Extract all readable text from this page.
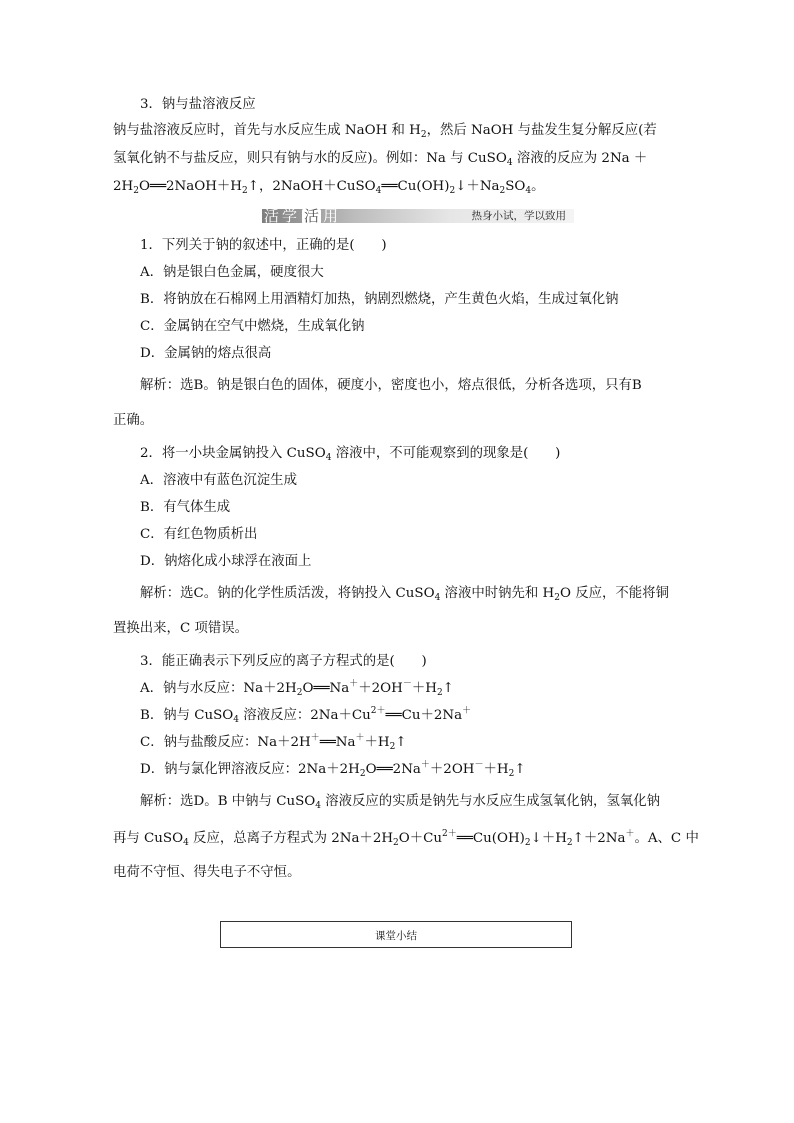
3．钠与盐溶液反应
钠与盐溶液反应时，首先与水反应生成 NaOH 和 $H_2$，然后 NaOH 与盐发生复分解反应(若
氢氧化钠不与盐反应，则只有钠与水的反应)。例如：Na 与 CuSO$_4$ 溶液的反应为 2Na ＋
$2H_2O══2NaOH+H_2↑$，$2NaOH+CuSO_4══Cu(OH)_2↓+Na_2SO_4$。
活学 活 用	热身小试，学以致用
1．下列关于钠的叙述中，正确的是(　　)
A．钠是银白色金属，硬度很大
B．将钠放在石棉网上用酒精灯加热，钠剧烈燃烧，产生黄色火焰，生成过氧化钠
C．金属钠在空气中燃烧，生成氧化钠
D．金属钠的熔点很高
解析：选B。钠是银白色的固体，硬度小，密度也小，熔点很低，分析各选项，只有B
正确。
2．将一小块金属钠投入 CuSO$_4$ 溶液中，不可能观察到的现象是(　　)
A．溶液中有蓝色沉淀生成
B．有气体生成
C．有红色物质析出
D．钠熔化成小球浮在液面上
解析：选C。钠的化学性质活泼，将钠投入 CuSO$_4$ 溶液中时钠先和 $H_2O$ 反应，不能将铜
置换出来，C 项错误。
3．能正确表示下列反应的离子方程式的是(　　)
A．钠与水反应：$Na+2H_2O══Na^++2OH^-+H_2↑$
B．钠与 CuSO$_4$ 溶液反应：$2Na+Cu^{2+}══Cu+2Na^+$
C．钠与盐酸反应：$Na+2H^+══Na^++H_2↑$
D．钠与氯化钾溶液反应：$2Na+2H_2O══2Na^++2OH^-+H_2↑$
解析：选D。B 中钠与 CuSO$_4$ 溶液反应的实质是钠先与水反应生成氢氧化钠，氢氧化钠
再与 CuSO$_4$ 反应，总离子方程式为 $2Na+2H_2O+Cu^{2+}══Cu(OH)_2↓+H_2↑+2Na^+$。A、C 中
电荷不守恒、得失电子不守恒。
课堂小结
